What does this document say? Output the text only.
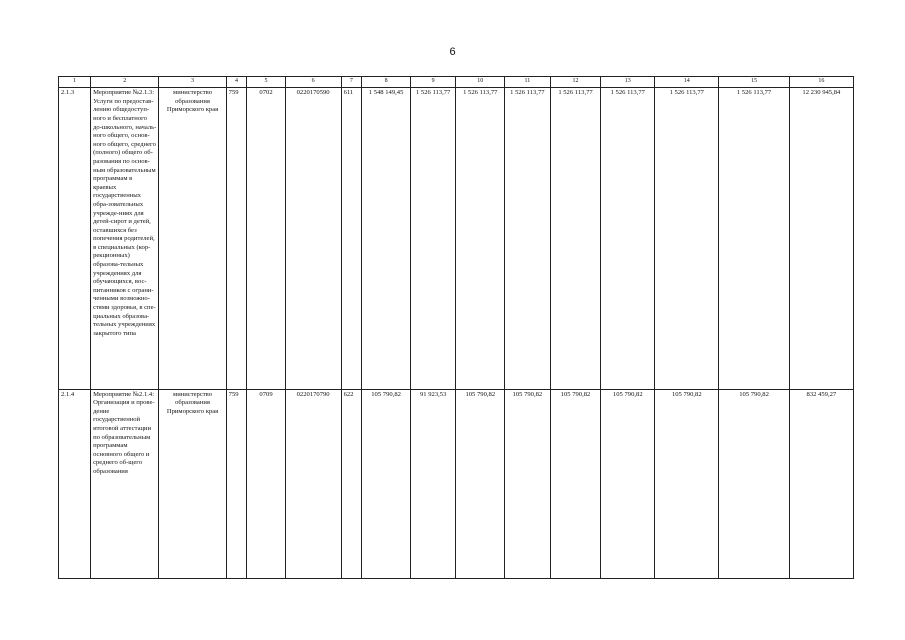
6
1	2	3	4	5	6	7	8	9	10	11	12	13	14	15	16
2.1.3	Мероприятие №2.1.3: Услуги по предостав-лению общедоступ-ного и бесплатного до-школьного, началь-ного общего, основ-ного общего, среднего (полного) общего об-разования по основ-ным образовательным программам в краевых государственных обра-зовательных учрежде-ниях для детей-сирот и детей, оставшихся без попечения родителей, в специальных (кор-рекционных) образова-тельных учреждениях для обучающихся, вос-питанников с ограни-ченными возможно-стями здоровья, в спе-циальных образова-тельных учреждениях закрытого типа	министерство образования Приморского края	759	0702	0220170590	611	1 548 149,45	1 526 113,77	1 526 113,77	1 526 113,77	1 526 113,77	1 526 113,77	1 526 113,77	1 526 113,77	12 230 945,84
2.1.4	Мероприятие №2.1.4: Организация и прове-дение государственной итоговой аттестации по образовательным программам основного общего и среднего об-щего образования	министерство образования Приморского края	759	0709	0220170790	622	105 790,82	91 923,53	105 790,82	105 790,82	105 790,82	105 790,82	105 790,82	105 790,82	832 459,27
